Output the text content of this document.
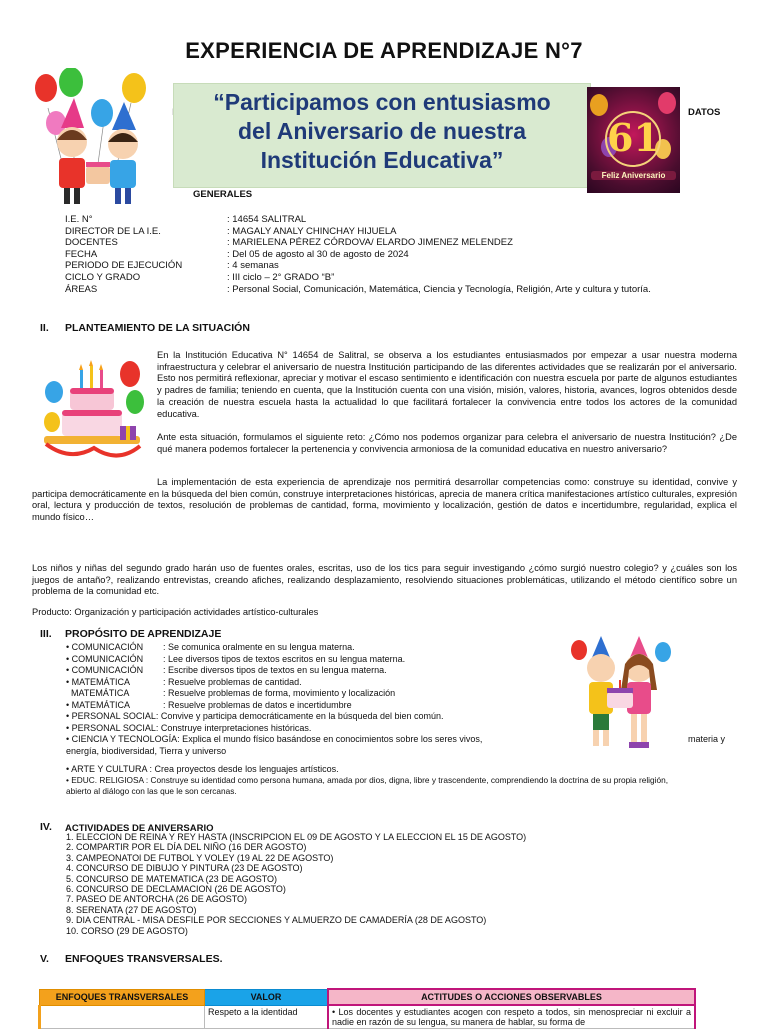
EXPERIENCIA DE APRENDIZAJE N°7
“Participamos con entusiasmo
del Aniversario de nuestra
Institución Educativa”	61
Feliz Aniversario
DATOS
GENERALES
I.E. N°	: 14654 SALITRAL
DIRECTOR DE LA I.E.	: MAGALY ANALY CHINCHAY HIJUELA
DOCENTES	: MARIELENA PÉREZ CÓRDOVA/ ELARDO JIMENEZ MELENDEZ
FECHA	: Del 05 de agosto al 30 de agosto de 2024
PERIODO DE EJECUCIÓN	: 4 semanas
CICLO Y GRADO	: III ciclo – 2° GRADO “B”
ÁREAS	: Personal Social, Comunicación, Matemática, Ciencia y Tecnología, Religión, Arte y cultura y tutoría.
II. PLANTEAMIENTO DE LA SITUACIÓN
En la Institución Educativa N° 14654 de Salitral, se observa a los estudiantes entusiasmados por empezar a usar nuestra moderna infraestructura y celebrar el aniversario de nuestra Institución participando de las diferentes actividades que se realizarán por el aniversario. Esto nos permitirá reflexionar, apreciar y motivar el escaso sentimiento e identificación con nuestra escuela por parte de algunos estudiantes y padres de familia; teniendo en cuenta, que la Institución cuenta con una visión, misión, valores, historia, avances, logros obtenidos desde la creación de nuestra escuela hasta la actualidad lo que facilitará fortalecer la convivencia entre todos los actores de la comunidad educativa.
Ante esta situación, formulamos el siguiente reto: ¿Cómo nos podemos organizar para celebra el aniversario de nuestra Institución? ¿De qué manera podemos fortalecer la pertenencia y convivencia armoniosa de la comunidad educativa en nuestro aniversario?
La implementación de esta experiencia de aprendizaje nos permitirá desarrollar competencias como: construye su identidad, convive y participa democráticamente en la búsqueda del bien común, construye interpretaciones históricas, aprecia de manera crítica manifestaciones artístico culturales, expresión oral, lectura y producción de textos, resolución de problemas de cantidad, forma, movimiento y localización, gestión de datos e incertidumbre, regularidad, explica el mundo físico…
Los niños y niñas del segundo grado harán uso de fuentes orales, escritas, uso de los tics para seguir investigando ¿cómo surgió nuestro colegio? y ¿cuáles son los juegos de antaño?, realizando entrevistas, creando afiches, realizando desplazamiento, resolviendo situaciones problemáticas, utilizando el método científico sobre un problema de la comunidad etc.
Producto: Organización y participación actividades artístico-culturales
III. PROPÓSITO DE APRENDIZAJE
• COMUNICACIÓN : Se comunica oralmente en su lengua materna.
• COMUNICACIÓN : Lee diversos tipos de textos escritos en su lengua materna.
• COMUNICACIÓN : Escribe diversos tipos de textos en su lengua materna.
• MATEMÁTICA	: Resuelve problemas de cantidad.
MATEMÁTICA	: Resuelve problemas de forma, movimiento y localización
• MATEMÁTICA	: Resuelve problemas de datos e incertidumbre
• PERSONAL SOCIAL: Convive y participa democráticamente en la búsqueda del bien común.
• PERSONAL SOCIAL: Construye interpretaciones históricas.
• CIENCIA Y TECNOLOGÍA: Explica el mundo físico basándose en conocimientos sobre los seres vivos,	materia y
energía, biodiversidad, Tierra y universo
• ARTE Y CULTURA : Crea proyectos desde los lenguajes artísticos.
• EDUC. RELIGIOSA : Construye su identidad como persona humana, amada por dios, digna, libre y trascendente, comprendiendo la doctrina de su propia religión,
abierto al diálogo con las que le son cercanas.
IV. ACTIVIDADES DE ANIVERSARIO
1. ELECCION DE REINA Y REY HASTA (INSCRIPCION EL 09 DE AGOSTO Y LA ELECCION EL 15 DE AGOSTO)
2. COMPARTIR POR EL DÍA DEL NIÑO (16 DER AGOSTO)
3. CAMPEONATOl DE FUTBOL Y VOLEY (19 AL 22 DE AGOSTO)
4. CONCURSO DE DIBUJO Y PINTURA (23 DE AGOSTO)
5. CONCURSO DE MATEMATICA (23 DE AGOSTO)
6. CONCURSO DE DECLAMACION (26 DE AGOSTO)
7. PASEO DE ANTORCHA (26 DE AGOSTO)
8. SERENATA (27 DE AGOSTO)
9. DIA CENTRAL - MISA DESFILE POR SECCIONES Y ALMUERZO DE CAMADERÍA (28 DE AGOSTO)
10. CORSO (29 DE AGOSTO)
V. ENFOQUES TRANSVERSALES.
ENFOQUES TRANSVERSALES	VALOR	ACTITUDES O ACCIONES OBSERVABLES
	Respeto a la identidad	• Los docentes y estudiantes acogen con respeto a todos, sin menospreciar ni excluir a nadie en razón de su lengua, su manera de hablar, su forma de
